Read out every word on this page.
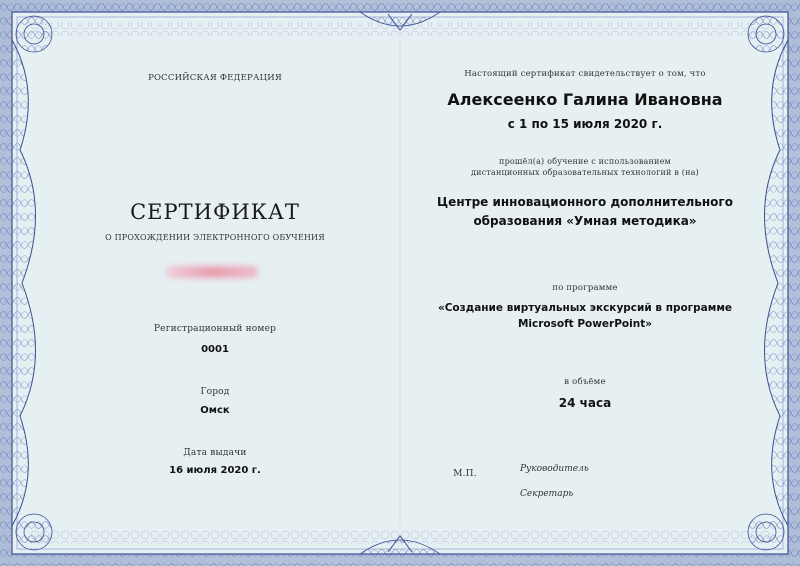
РОССИЙСКАЯ ФЕДЕРАЦИЯ
СЕРТИФИКАТ
О ПРОХОЖДЕНИИ ЭЛЕКТРОННОГО ОБУЧЕНИЯ
Регистрационный номер
0001
Город
Омск
Дата выдачи
16 июля 2020 г.
Настоящий сертификат свидетельствует о том, что
Алексеенко Галина Ивановна
с 1 по 15 июля 2020 г.
прошёл(а) обучение с использованием
дистанционных образовательных технологий в (на)
Центре инновационного дополнительного
образования «Умная методика»
по программе
«Создание виртуальных экскурсий в программе
Microsoft PowerPoint»
в объёме
24 часа
М.П.	Руководитель
Секретарь
